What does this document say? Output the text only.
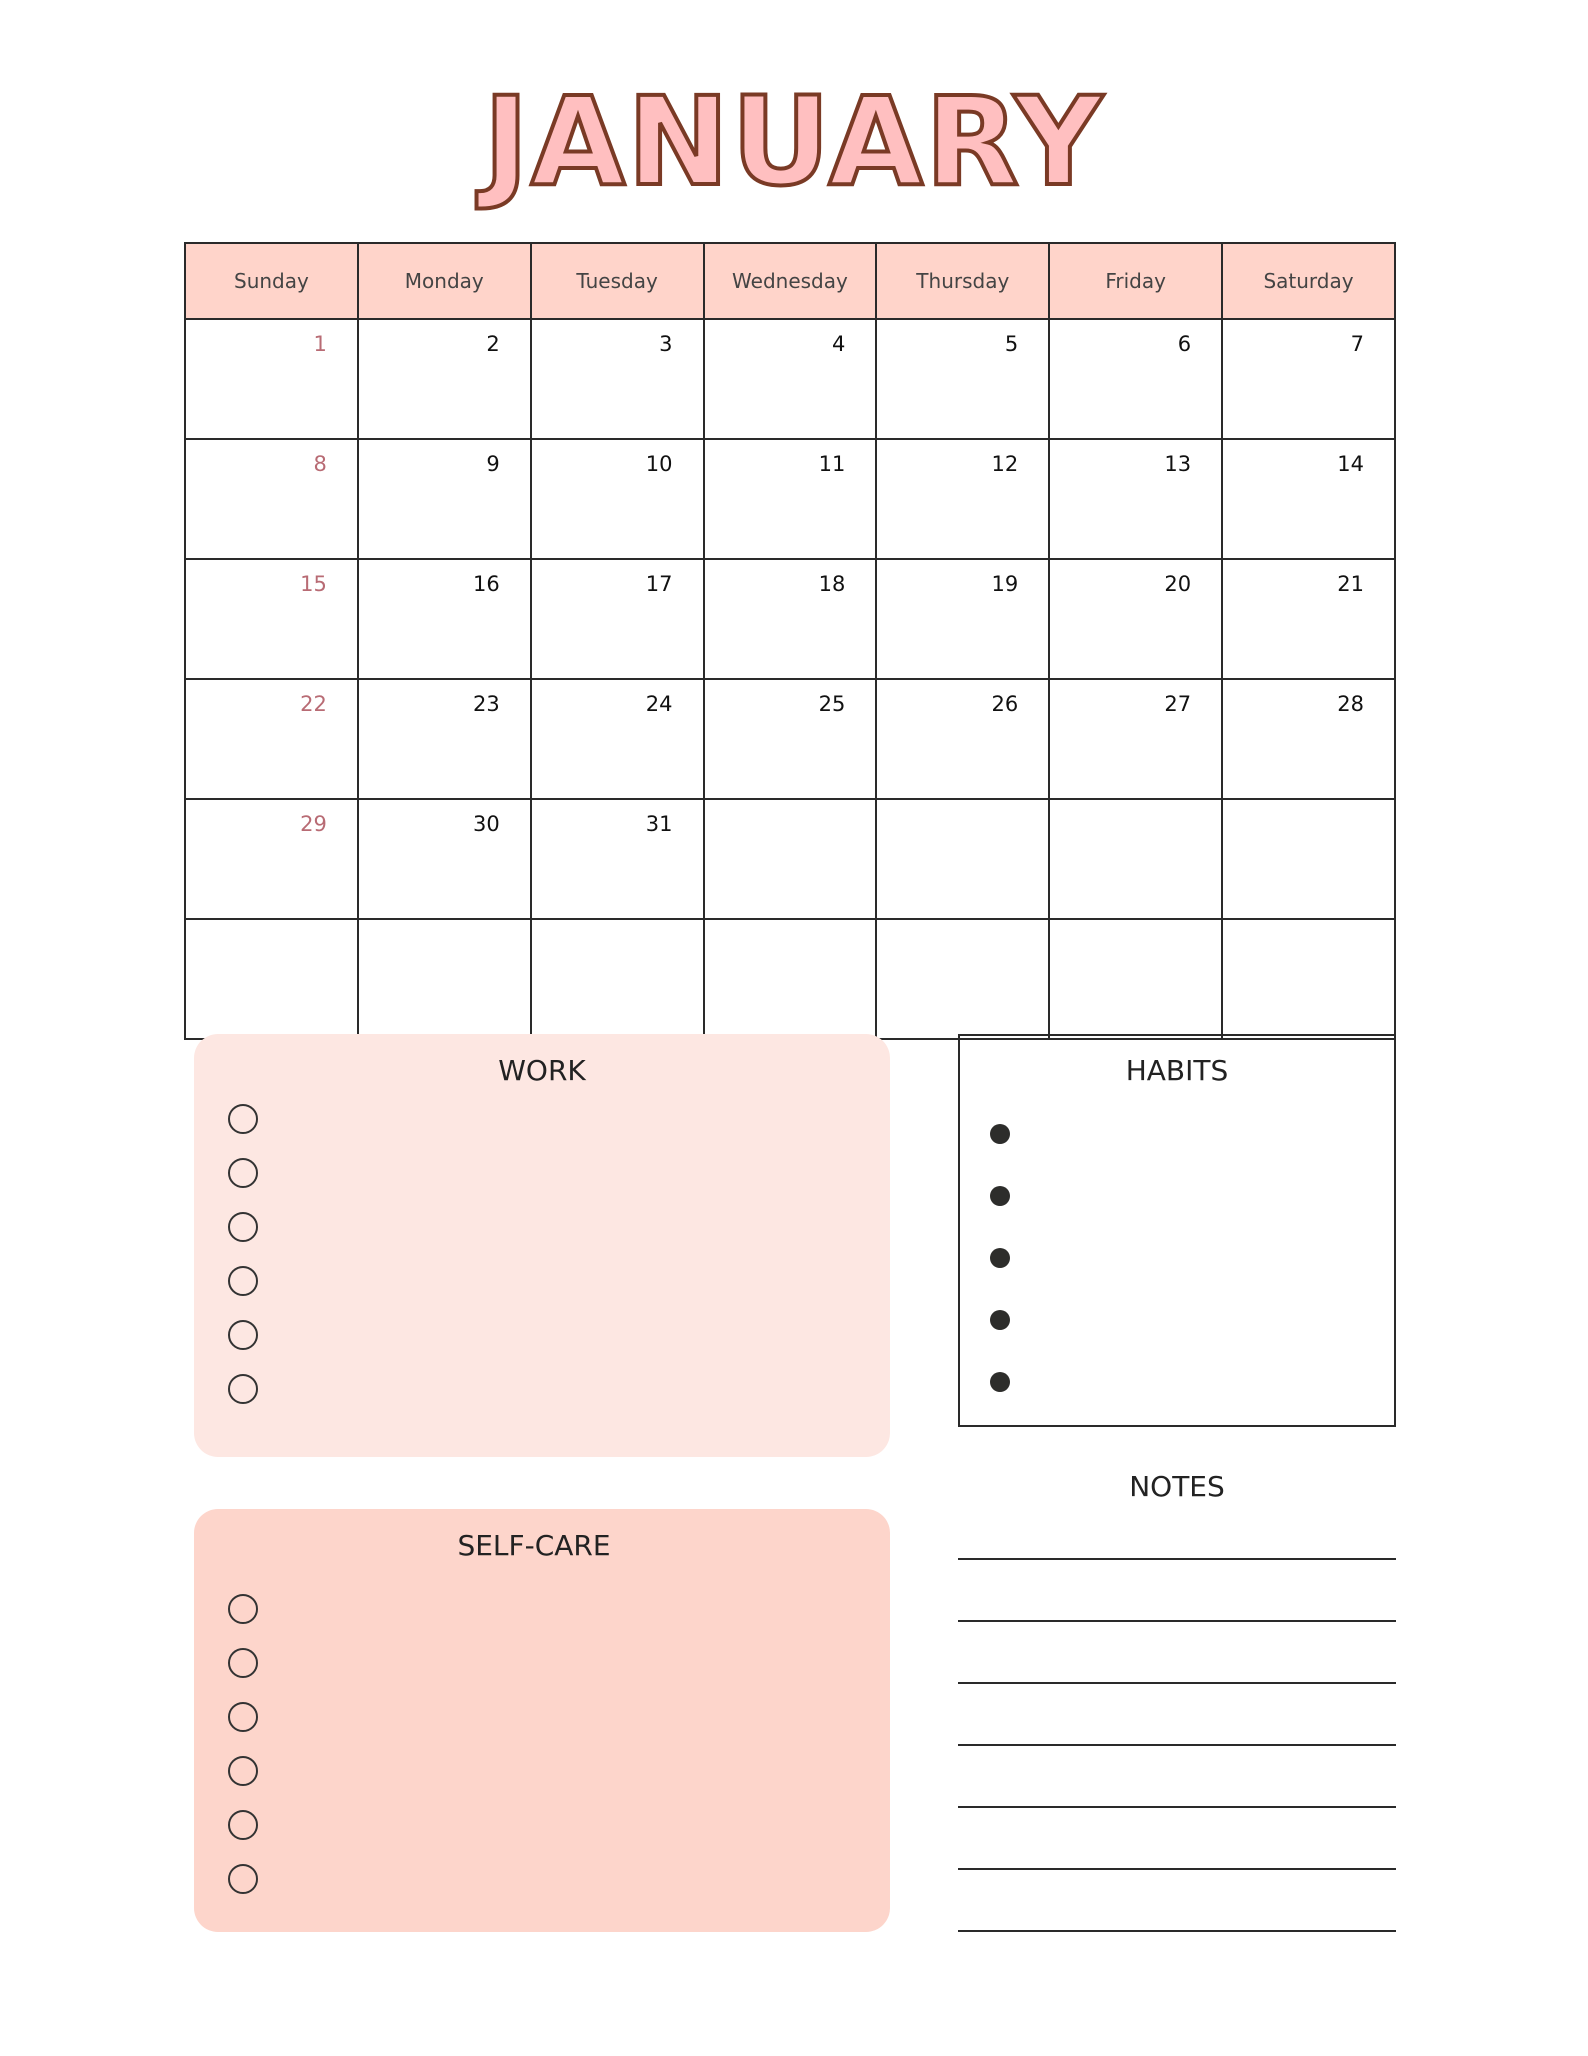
JANUARY
Sunday	Monday	Tuesday	Wednesday	Thursday	Friday	Saturday
1	2	3	4	5	6	7
8	9	10	11	12	13	14
15	16	17	18	19	20	21
22	23	24	25	26	27	28
29	30	31				

WORK
SELF-CARE
HABITS
NOTES
